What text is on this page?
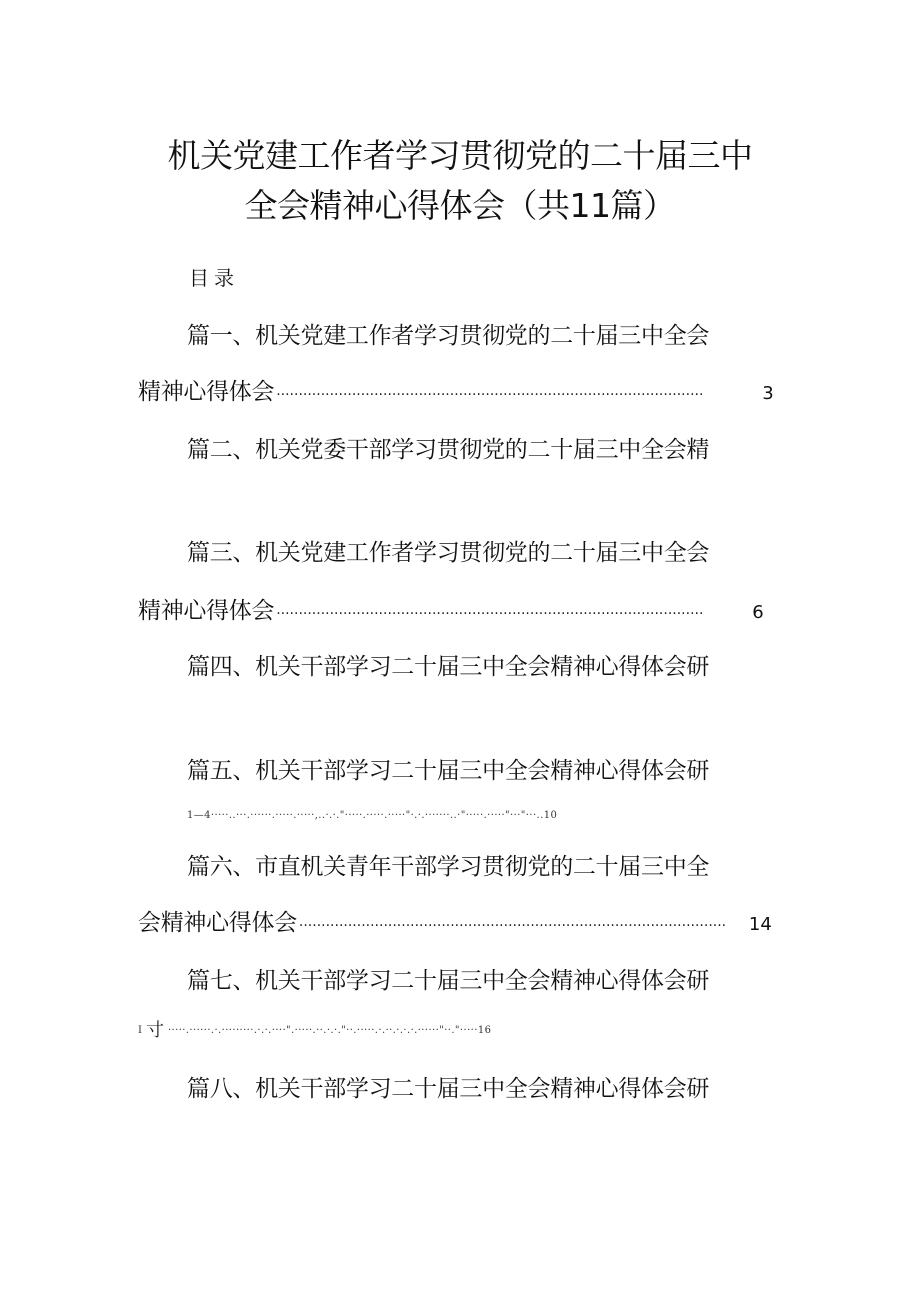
机关党建工作者学习贯彻党的二十届三中
全会精神心得体会（共11篇）
目录
篇一、机关党建工作者学习贯彻党的二十届三中全会
精神心得体会 ································································································	3
篇二、机关党委干部学习贯彻党的二十届三中全会精
篇三、机关党建工作者学习贯彻党的二十届三中全会
精神心得体会 ································································································	6
篇四、机关干部学习二十届三中全会精神心得体会研
篇五、机关干部学习二十届三中全会精神心得体会研
1—4·····..···.······.·····.·····,..·.·."·····.·····.·····"·.·.·······..·"·····.·····"···"···..10
篇六、市直机关青年干部学习贯彻党的二十届三中全
会精神心得体会 ································································································	14
篇七、机关干部学习二十届三中全会精神心得体会研
I 寸 ·····.······.·.·········.·.·.····".·····.··.·.·."··.·····.·.··.·.·.·.······"··."·····16
篇八、机关干部学习二十届三中全会精神心得体会研
